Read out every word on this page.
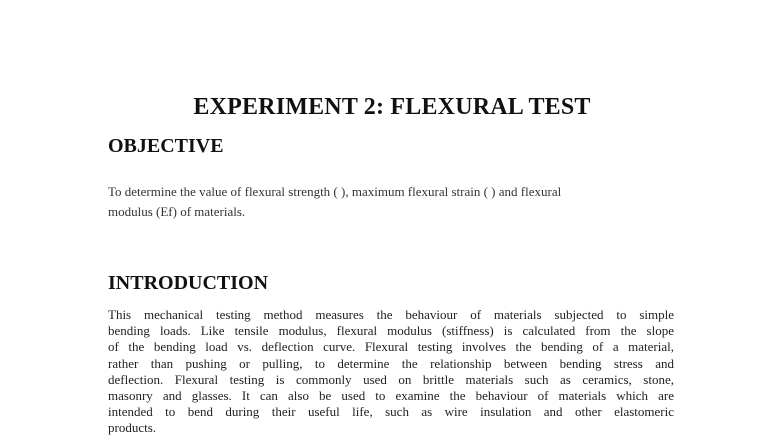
EXPERIMENT 2: FLEXURAL TEST
OBJECTIVE

To determine the value of flexural strength ( ), maximum flexural strain ( ) and flexural
modulus (Ef) of materials.

INTRODUCTION

This mechanical testing method measures the behaviour of materials subjected to simple
bending loads. Like tensile modulus, flexural modulus (stiffness) is calculated from the slope
of the bending load vs. deflection curve. Flexural testing involves the bending of a material,
rather than pushing or pulling, to determine the relationship between bending stress and
deflection. Flexural testing is commonly used on brittle materials such as ceramics, stone,
masonry and glasses. It can also be used to examine the behaviour of materials which are
intended to bend during their useful life, such as wire insulation and other elastomeric
products.
